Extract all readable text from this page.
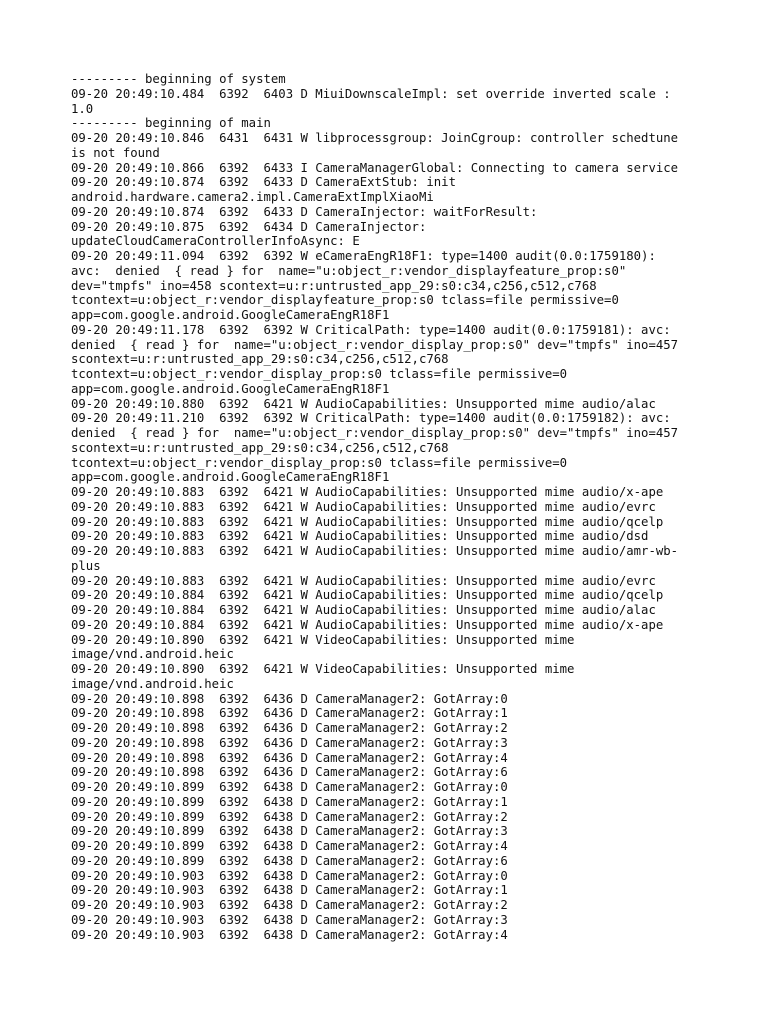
--------- beginning of system
09-20 20:49:10.484  6392  6403 D MiuiDownscaleImpl: set override inverted scale :
1.0
--------- beginning of main
09-20 20:49:10.846  6431  6431 W libprocessgroup: JoinCgroup: controller schedtune
is not found
09-20 20:49:10.866  6392  6433 I CameraManagerGlobal: Connecting to camera service
09-20 20:49:10.874  6392  6433 D CameraExtStub: init
android.hardware.camera2.impl.CameraExtImplXiaoMi
09-20 20:49:10.874  6392  6433 D CameraInjector: waitForResult:
09-20 20:49:10.875  6392  6434 D CameraInjector:
updateCloudCameraControllerInfoAsync: E
09-20 20:49:11.094  6392  6392 W eCameraEngR18F1: type=1400 audit(0.0:1759180):
avc:  denied  { read } for  name="u:object_r:vendor_displayfeature_prop:s0"
dev="tmpfs" ino=458 scontext=u:r:untrusted_app_29:s0:c34,c256,c512,c768
tcontext=u:object_r:vendor_displayfeature_prop:s0 tclass=file permissive=0
app=com.google.android.GoogleCameraEngR18F1
09-20 20:49:11.178  6392  6392 W CriticalPath: type=1400 audit(0.0:1759181): avc:
denied  { read } for  name="u:object_r:vendor_display_prop:s0" dev="tmpfs" ino=457
scontext=u:r:untrusted_app_29:s0:c34,c256,c512,c768
tcontext=u:object_r:vendor_display_prop:s0 tclass=file permissive=0
app=com.google.android.GoogleCameraEngR18F1
09-20 20:49:10.880  6392  6421 W AudioCapabilities: Unsupported mime audio/alac
09-20 20:49:11.210  6392  6392 W CriticalPath: type=1400 audit(0.0:1759182): avc:
denied  { read } for  name="u:object_r:vendor_display_prop:s0" dev="tmpfs" ino=457
scontext=u:r:untrusted_app_29:s0:c34,c256,c512,c768
tcontext=u:object_r:vendor_display_prop:s0 tclass=file permissive=0
app=com.google.android.GoogleCameraEngR18F1
09-20 20:49:10.883  6392  6421 W AudioCapabilities: Unsupported mime audio/x-ape
09-20 20:49:10.883  6392  6421 W AudioCapabilities: Unsupported mime audio/evrc
09-20 20:49:10.883  6392  6421 W AudioCapabilities: Unsupported mime audio/qcelp
09-20 20:49:10.883  6392  6421 W AudioCapabilities: Unsupported mime audio/dsd
09-20 20:49:10.883  6392  6421 W AudioCapabilities: Unsupported mime audio/amr-wb-
plus
09-20 20:49:10.883  6392  6421 W AudioCapabilities: Unsupported mime audio/evrc
09-20 20:49:10.884  6392  6421 W AudioCapabilities: Unsupported mime audio/qcelp
09-20 20:49:10.884  6392  6421 W AudioCapabilities: Unsupported mime audio/alac
09-20 20:49:10.884  6392  6421 W AudioCapabilities: Unsupported mime audio/x-ape
09-20 20:49:10.890  6392  6421 W VideoCapabilities: Unsupported mime
image/vnd.android.heic
09-20 20:49:10.890  6392  6421 W VideoCapabilities: Unsupported mime
image/vnd.android.heic
09-20 20:49:10.898  6392  6436 D CameraManager2: GotArray:0
09-20 20:49:10.898  6392  6436 D CameraManager2: GotArray:1
09-20 20:49:10.898  6392  6436 D CameraManager2: GotArray:2
09-20 20:49:10.898  6392  6436 D CameraManager2: GotArray:3
09-20 20:49:10.898  6392  6436 D CameraManager2: GotArray:4
09-20 20:49:10.898  6392  6436 D CameraManager2: GotArray:6
09-20 20:49:10.899  6392  6438 D CameraManager2: GotArray:0
09-20 20:49:10.899  6392  6438 D CameraManager2: GotArray:1
09-20 20:49:10.899  6392  6438 D CameraManager2: GotArray:2
09-20 20:49:10.899  6392  6438 D CameraManager2: GotArray:3
09-20 20:49:10.899  6392  6438 D CameraManager2: GotArray:4
09-20 20:49:10.899  6392  6438 D CameraManager2: GotArray:6
09-20 20:49:10.903  6392  6438 D CameraManager2: GotArray:0
09-20 20:49:10.903  6392  6438 D CameraManager2: GotArray:1
09-20 20:49:10.903  6392  6438 D CameraManager2: GotArray:2
09-20 20:49:10.903  6392  6438 D CameraManager2: GotArray:3
09-20 20:49:10.903  6392  6438 D CameraManager2: GotArray:4
